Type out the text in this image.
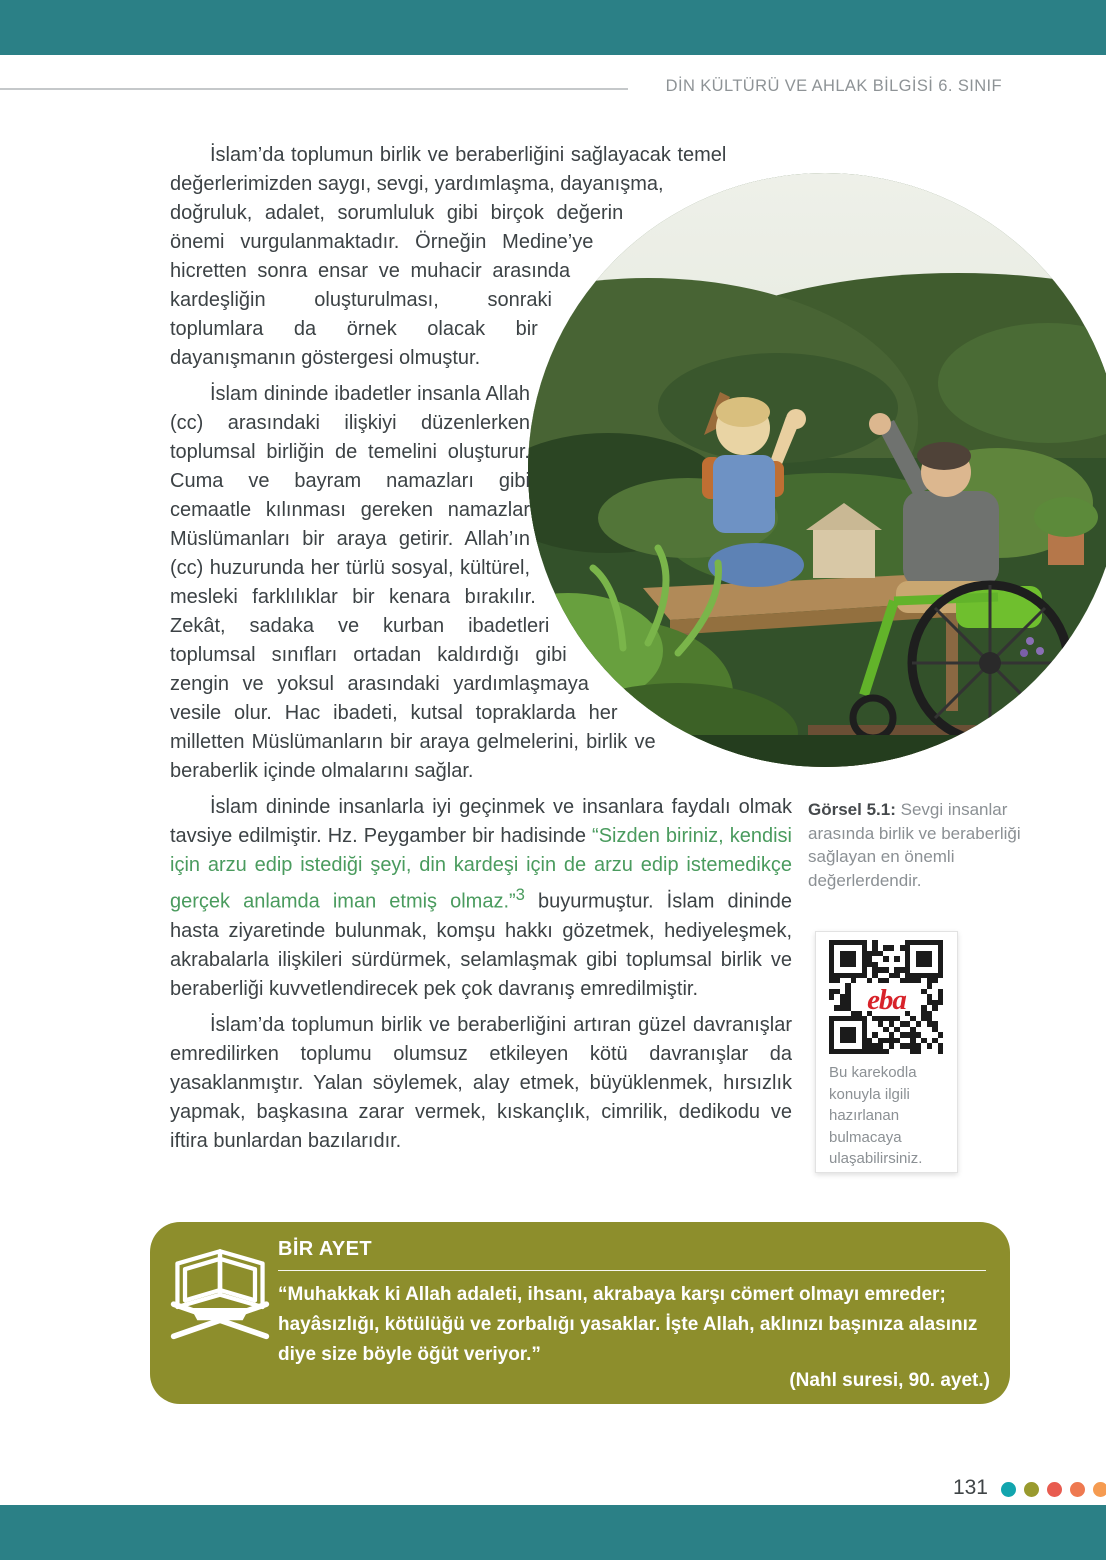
DİN KÜLTÜRÜ VE AHLAK BİLGİSİ 6. SINIF

İslam’da toplumun birlik ve beraberliğini sağlayacak temel değerlerimizden saygı, sevgi, yardımlaşma, dayanışma, doğruluk, adalet, sorumluluk gibi birçok değerin önemi vurgulanmaktadır. Örneğin Medine’ye hicretten sonra ensar ve muhacir arasında kardeşliğin oluşturulması, sonraki toplumlara da örnek olacak bir dayanışmanın göstergesi olmuştur.

İslam dininde ibadetler insanla Allah (cc) arasındaki ilişkiyi düzenlerken toplumsal birliğin de temelini oluşturur. Cuma ve bayram namazları gibi cemaatle kılınması gereken namazlar Müslümanları bir araya getirir. Allah’ın (cc) huzurunda her türlü sosyal, kültürel, mesleki farklılıklar bir kenara bırakılır. Zekât, sadaka ve kurban ibadetleri toplumsal sınıfları ortadan kaldırdığı gibi zengin ve yoksul arasındaki yardımlaşmaya vesile olur. Hac ibadeti, kutsal topraklarda her milletten Müslümanların bir araya gelmelerini, birlik ve beraberlik içinde olmalarını sağlar.

İslam dininde insanlarla iyi geçinmek ve insanlara faydalı olmak tavsiye edilmiştir. Hz. Peygamber bir hadisinde “Sizden biriniz, kendisi için arzu edip istediği şeyi, din kardeşi için de arzu edip istemedikçe gerçek anlamda iman etmiş olmaz.”$^3$ buyurmuştur. İslam dininde hasta ziyaretinde bulunmak, komşu hakkı gözetmek, hediyeleşmek, akrabalarla ilişkileri sürdürmek, selamlaşmak gibi toplumsal birlik ve beraberliği kuvvetlendirecek pek çok davranış emredilmiştir.

İslam’da toplumun birlik ve beraberliğini artıran güzel davranışlar emredilirken toplumu olumsuz etkileyen kötü davranışlar da yasaklanmıştır. Yalan söylemek, alay etmek, büyüklenmek, hırsızlık yapmak, başkasına zarar vermek, kıskançlık, cimrilik, dedikodu ve iftira bunlardan bazılarıdır.

Görsel 5.1: Sevgi insanlar arasında birlik ve beraberliği sağlayan en önemli değerlerdendir.
eba
Bu karekodla konuyla ilgili hazırlanan bulmacaya ulaşabilirsiniz.
BİR AYET
“Muhakkak ki Allah adaleti, ihsanı, akrabaya karşı cömert olmayı emreder; hayâsızlığı, kötülüğü ve zorbalığı yasaklar. İşte Allah, aklınızı başınıza alasınız diye size böyle öğüt veriyor.”
(Nahl suresi, 90. ayet.)
131
